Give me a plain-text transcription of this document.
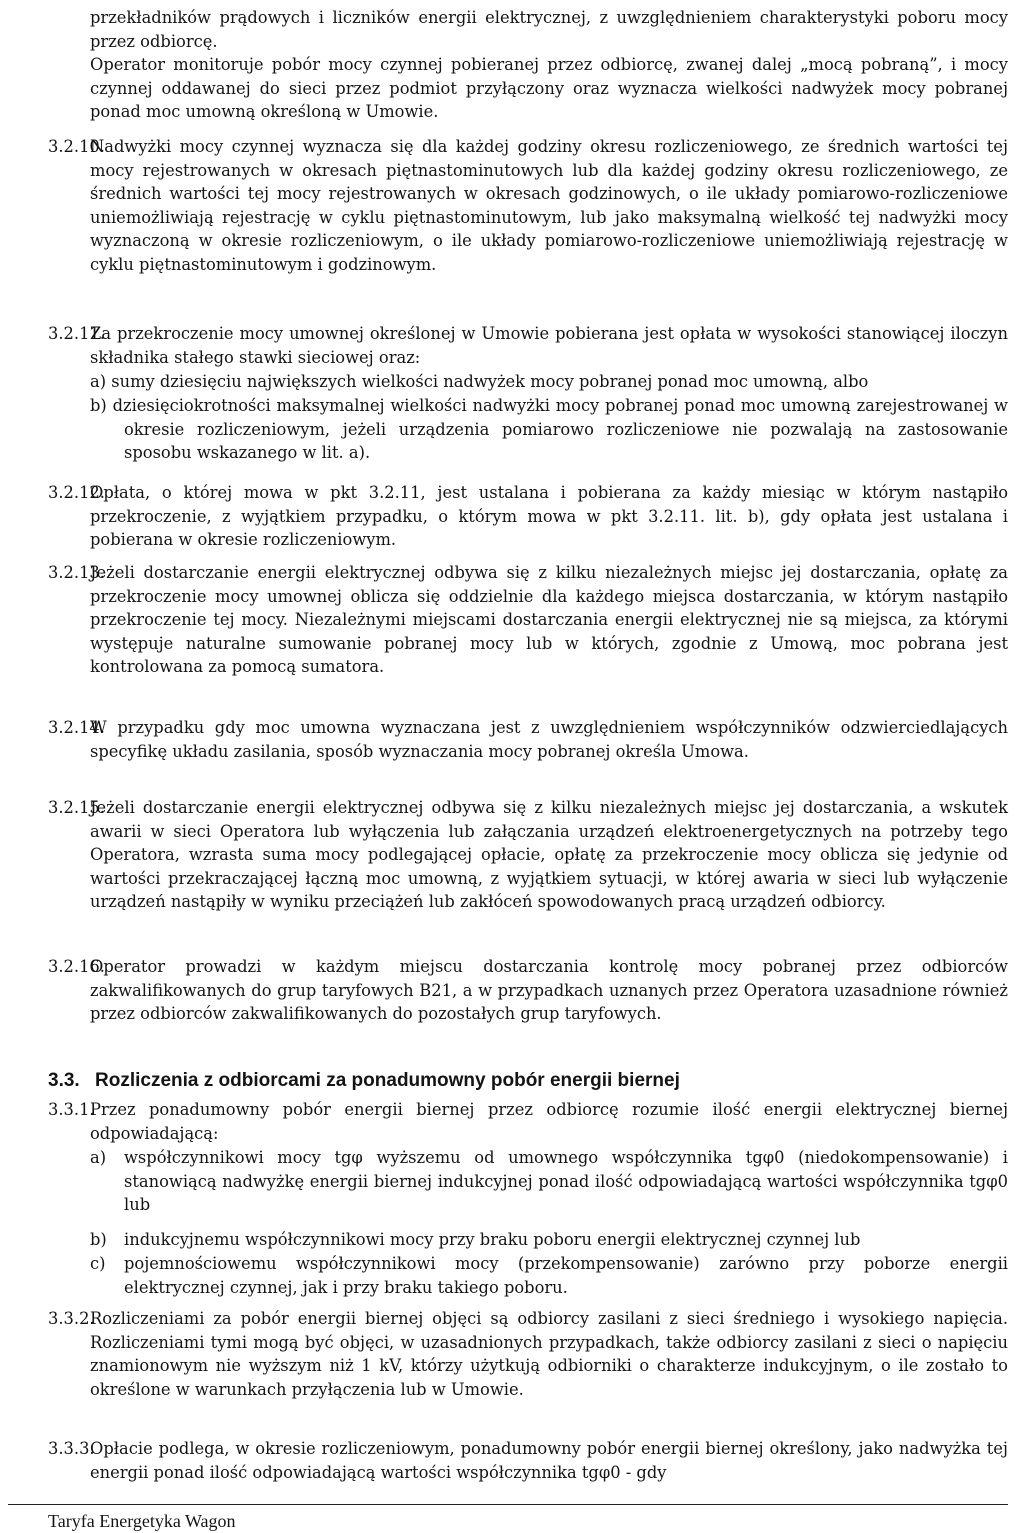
przekładników prądowych i liczników energii elektrycznej, z uwzględnieniem charakterystyki poboru mocy przez odbiorcę.

Operator monitoruje pobór mocy czynnej pobieranej przez odbiorcę, zwanej dalej „mocą pobraną”, i mocy czynnej oddawanej do sieci przez podmiot przyłączony oraz wyznacza wielkości nadwyżek mocy pobranej ponad moc umowną określoną w Umowie.

3.2.10.

Nadwyżki mocy czynnej wyznacza się dla każdej godziny okresu rozliczeniowego, ze średnich wartości tej mocy rejestrowanych w okresach piętnastominutowych lub dla każdej godziny okresu rozliczeniowego, ze średnich wartości tej mocy rejestrowanych w okresach godzinowych, o ile układy pomiarowo-rozliczeniowe uniemożliwiają rejestrację w cyklu piętnastominutowym, lub jako maksymalną wielkość tej nadwyżki mocy wyznaczoną w okresie rozliczeniowym, o ile układy pomiarowo-rozliczeniowe uniemożliwiają rejestrację w cyklu piętnastominutowym i godzinowym.

3.2.11.

Za przekroczenie mocy umownej określonej w Umowie pobierana jest opłata w wysokości stanowiącej iloczyn składnika stałego stawki sieciowej oraz:

a) sumy dziesięciu największych wielkości nadwyżek mocy pobranej ponad moc umowną, albo

b) dziesięciokrotności maksymalnej wielkości nadwyżki mocy pobranej ponad moc umowną zarejestrowanej w okresie rozliczeniowym, jeżeli urządzenia pomiarowo rozliczeniowe nie pozwalają na zastosowanie sposobu wskazanego w lit. a).

3.2.12.

Opłata, o której mowa w pkt 3.2.11, jest ustalana i pobierana za każdy miesiąc w którym nastąpiło przekroczenie, z wyjątkiem przypadku, o którym mowa w pkt 3.2.11. lit. b), gdy opłata jest ustalana i pobierana w okresie rozliczeniowym.

3.2.13.

Jeżeli dostarczanie energii elektrycznej odbywa się z kilku niezależnych miejsc jej dostarczania, opłatę za przekroczenie mocy umownej oblicza się oddzielnie dla każdego miejsca dostarczania, w którym nastąpiło przekroczenie tej mocy. Niezależnymi miejscami dostarczania energii elektrycznej nie są miejsca, za którymi występuje naturalne sumowanie pobranej mocy lub w których, zgodnie z Umową, moc pobrana jest kontrolowana za pomocą sumatora.

3.2.14.

W przypadku gdy moc umowna wyznaczana jest z uwzględnieniem współczynników odzwierciedlających specyfikę układu zasilania, sposób wyznaczania mocy pobranej określa Umowa.

3.2.15.

Jeżeli dostarczanie energii elektrycznej odbywa się z kilku niezależnych miejsc jej dostarczania, a wskutek awarii w sieci Operatora lub wyłączenia lub załączania urządzeń elektroenergetycznych na potrzeby tego Operatora, wzrasta suma mocy podlegającej opłacie, opłatę za przekroczenie mocy oblicza się jedynie od wartości przekraczającej łączną moc umowną, z wyjątkiem sytuacji, w której awaria w sieci lub wyłączenie urządzeń nastąpiły w wyniku przeciążeń lub zakłóceń spowodowanych pracą urządzeń odbiorcy.

3.2.16.

Operator prowadzi w każdym miejscu dostarczania kontrolę mocy pobranej przez odbiorców zakwalifikowanych do grup taryfowych B21, a w przypadkach uznanych przez Operatora uzasadnione również przez odbiorców zakwalifikowanych do pozostałych grup taryfowych.

3.3. Rozliczenia z odbiorcami za ponadumowny pobór energii biernej
3.3.1.

Przez ponadumowny pobór energii biernej przez odbiorcę rozumie ilość energii elektrycznej biernej odpowiadającą:

a) współczynnikowi mocy tgφ wyższemu od umownego współczynnika tgφ0 (niedokompensowanie) i stanowiącą nadwyżkę energii biernej indukcyjnej ponad ilość odpowiadającą wartości współczynnika tgφ0 lub

b) indukcyjnemu współczynnikowi mocy przy braku poboru energii elektrycznej czynnej lub

c) pojemnościowemu współczynnikowi mocy (przekompensowanie) zarówno przy poborze energii elektrycznej czynnej, jak i przy braku takiego poboru.

3.3.2.

Rozliczeniami za pobór energii biernej objęci są odbiorcy zasilani z sieci średniego i wysokiego napięcia. Rozliczeniami tymi mogą być objęci, w uzasadnionych przypadkach, także odbiorcy zasilani z sieci o napięciu znamionowym nie wyższym niż 1 kV, którzy użytkują odbiorniki o charakterze indukcyjnym, o ile zostało to określone w warunkach przyłączenia lub w Umowie.

3.3.3.

Opłacie podlega, w okresie rozliczeniowym, ponadumowny pobór energii biernej określony, jako nadwyżka tej energii ponad ilość odpowiadającą wartości współczynnika tgφ0 - gdy

Taryfa Energetyka Wagon
